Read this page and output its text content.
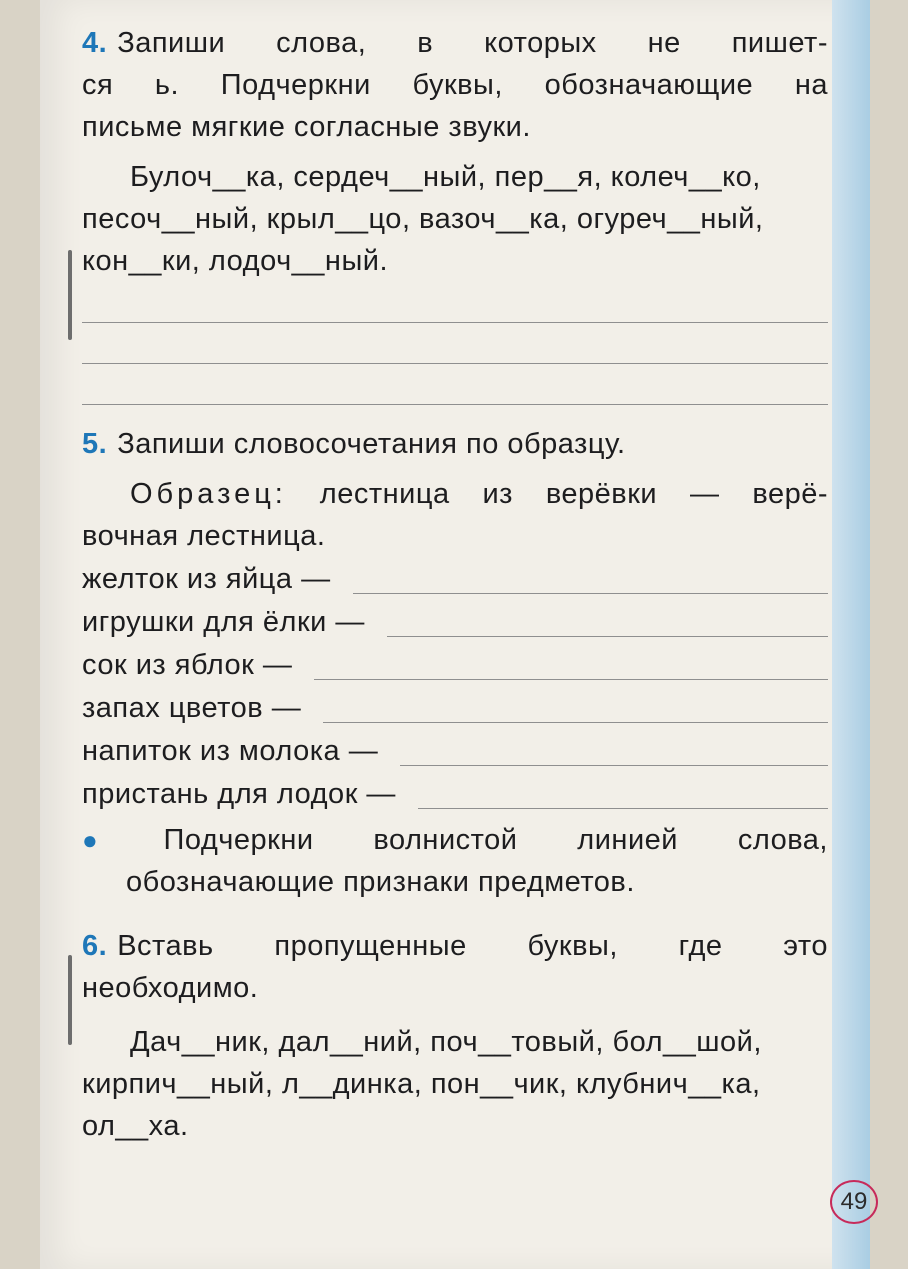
4. Запиши слова, в которых не пишет-

ся ь. Подчеркни буквы, обозначающие на

письме мягкие согласные звуки.

Булоч__ка, сердеч__ный, пер__я, колеч__ко,

песоч__ный, крыл__цо, вазоч__ка, огуреч__ный,

кон__ки, лодоч__ный.

5. Запиши словосочетания по образцу.

Образец: лестница из верёвки — верё-

вочная лестница.

желток из яйца —
игрушки для ёлки —
сок из яблок —
запах цветов —
напиток из молока —
пристань для лодок —

● Подчеркни волнистой линией слова,

обозначающие признаки предметов.

6. Вставь пропущенные буквы, где это

необходимо.

Дач__ник, дал__ний, поч__товый, бол__шой,

кирпич__ный, л__динка, пон__чик, клубнич__ка,

ол__ха.

49
